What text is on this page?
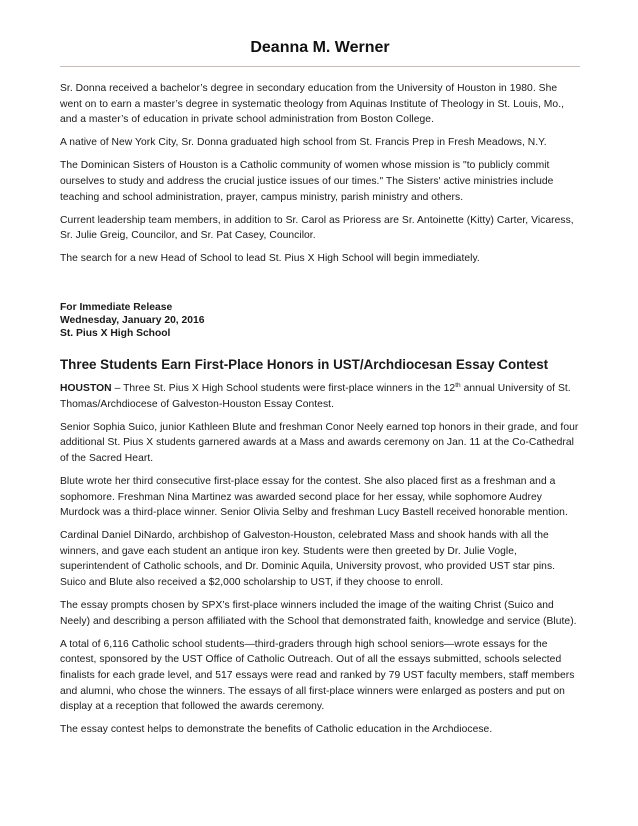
Deanna M. Werner

Sr. Donna received a bachelor’s degree in secondary education from the University of Houston in 1980. She went on to earn a master’s degree in systematic theology from Aquinas Institute of Theology in St. Louis, Mo., and a master’s of education in private school administration from Boston College.

A native of New York City, Sr. Donna graduated high school from St. Francis Prep in Fresh Meadows, N.Y.

The Dominican Sisters of Houston is a Catholic community of women whose mission is "to publicly commit ourselves to study and address the crucial justice issues of our times." The Sisters' active ministries include teaching and school administration, prayer, campus ministry, parish ministry and others.

Current leadership team members, in addition to Sr. Carol as Prioress are Sr. Antoinette (Kitty) Carter, Vicaress, Sr. Julie Greig, Councilor, and Sr. Pat Casey, Councilor.

The search for a new Head of School to lead St. Pius X High School will begin immediately.

For Immediate Release
Wednesday, January 20, 2016
St. Pius X High School
Three Students Earn First-Place Honors in UST/Archdiocesan Essay Contest

HOUSTON – Three St. Pius X High School students were first-place winners in the 12th annual University of St. Thomas/Archdiocese of Galveston-Houston Essay Contest.

Senior Sophia Suico, junior Kathleen Blute and freshman Conor Neely earned top honors in their grade, and four additional St. Pius X students garnered awards at a Mass and awards ceremony on Jan. 11 at the Co-Cathedral of the Sacred Heart.

Blute wrote her third consecutive first-place essay for the contest. She also placed first as a freshman and a sophomore. Freshman Nina Martinez was awarded second place for her essay, while sophomore Audrey Murdock was a third-place winner. Senior Olivia Selby and freshman Lucy Bastell received honorable mention.

Cardinal Daniel DiNardo, archbishop of Galveston-Houston, celebrated Mass and shook hands with all the winners, and gave each student an antique iron key. Students were then greeted by Dr. Julie Vogle, superintendent of Catholic schools, and Dr. Dominic Aquila, University provost, who provided UST star pins. Suico and Blute also received a $2,000 scholarship to UST, if they choose to enroll.

The essay prompts chosen by SPX’s first-place winners included the image of the waiting Christ (Suico and Neely) and describing a person affiliated with the School that demonstrated faith, knowledge and service (Blute).

A total of 6,116 Catholic school students—third-graders through high school seniors—wrote essays for the contest, sponsored by the UST Office of Catholic Outreach. Out of all the essays submitted, schools selected finalists for each grade level, and 517 essays were read and ranked by 79 UST faculty members, staff members and alumni, who chose the winners. The essays of all first-place winners were enlarged as posters and put on display at a reception that followed the awards ceremony.

The essay contest helps to demonstrate the benefits of Catholic education in the Archdiocese.
